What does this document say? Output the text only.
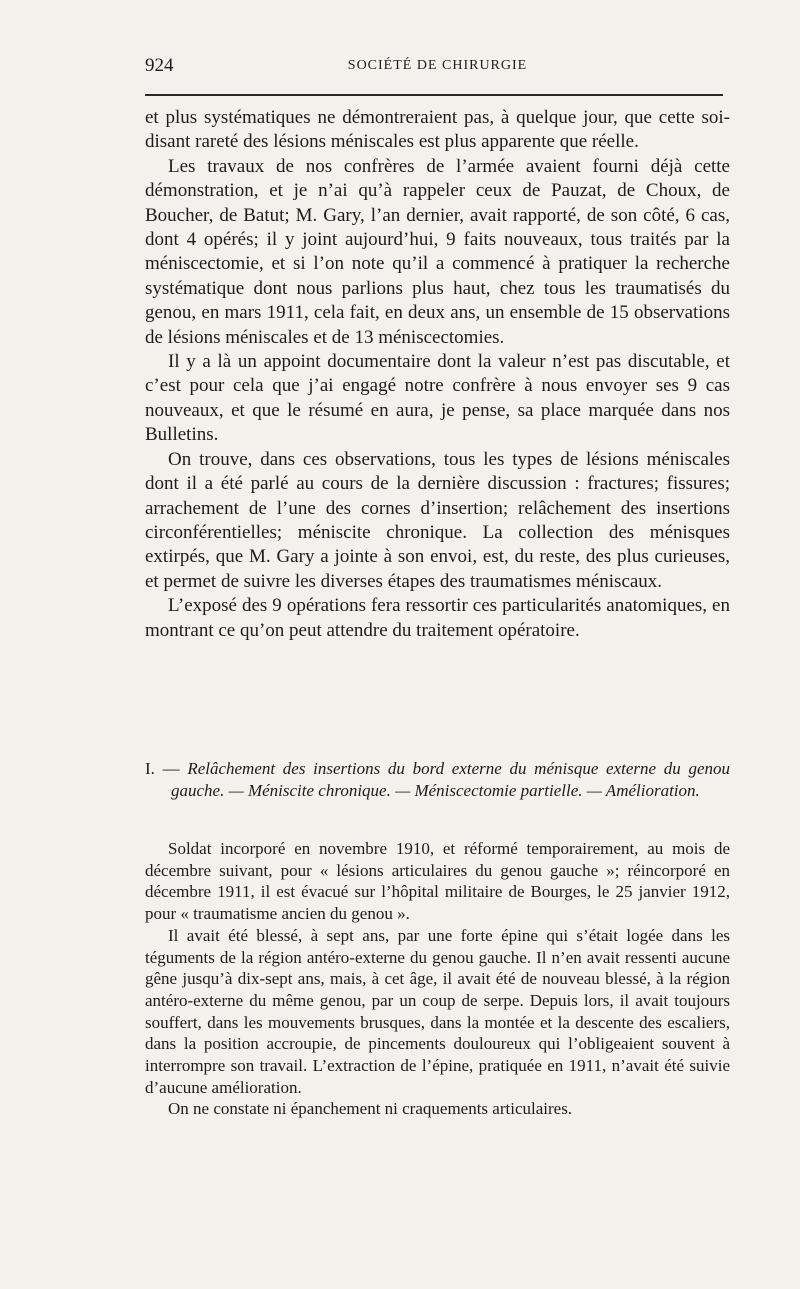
924	SOCIÉTÉ DE CHIRURGIE

et plus systématiques ne démontreraient pas, à quelque jour, que cette soi-disant rareté des lésions méniscales est plus apparente que réelle.

Les travaux de nos confrères de l’armée avaient fourni déjà cette démonstration, et je n’ai qu’à rappeler ceux de Pauzat, de Choux, de Boucher, de Batut; M. Gary, l’an dernier, avait rapporté, de son côté, 6 cas, dont 4 opérés; il y joint aujourd’hui, 9 faits nouveaux, tous traités par la méniscectomie, et si l’on note qu’il a commencé à pratiquer la recherche systématique dont nous parlions plus haut, chez tous les traumatisés du genou, en mars 1911, cela fait, en deux ans, un ensemble de 15 observations de lésions méniscales et de 13 méniscectomies.

Il y a là un appoint documentaire dont la valeur n’est pas discutable, et c’est pour cela que j’ai engagé notre confrère à nous envoyer ses 9 cas nouveaux, et que le résumé en aura, je pense, sa place marquée dans nos Bulletins.

On trouve, dans ces observations, tous les types de lésions méniscales dont il a été parlé au cours de la dernière discussion : fractures; fissures; arrachement de l’une des cornes d’insertion; relâchement des insertions circonférentielles; méniscite chronique. La collection des ménisques extirpés, que M. Gary a jointe à son envoi, est, du reste, des plus curieuses, et permet de suivre les diverses étapes des traumatismes méniscaux.

L’exposé des 9 opérations fera ressortir ces particularités anatomiques, en montrant ce qu’on peut attendre du traitement opératoire.

I. — Relâchement des insertions du bord externe du ménisque externe du genou gauche. — Méniscite chronique. — Méniscectomie partielle. — Amélioration.

Soldat incorporé en novembre 1910, et réformé temporairement, au mois de décembre suivant, pour « lésions articulaires du genou gauche »; réincorporé en décembre 1911, il est évacué sur l’hôpital militaire de Bourges, le 25 janvier 1912, pour « traumatisme ancien du genou ».

Il avait été blessé, à sept ans, par une forte épine qui s’était logée dans les téguments de la région antéro-externe du genou gauche. Il n’en avait ressenti aucune gêne jusqu’à dix-sept ans, mais, à cet âge, il avait été de nouveau blessé, à la région antéro-externe du même genou, par un coup de serpe. Depuis lors, il avait toujours souffert, dans les mouvements brusques, dans la montée et la descente des escaliers, dans la position accroupie, de pincements douloureux qui l’obligeaient souvent à interrompre son travail. L’extraction de l’épine, pratiquée en 1911, n’avait été suivie d’aucune amélioration.

On ne constate ni épanchement ni craquements articulaires.
